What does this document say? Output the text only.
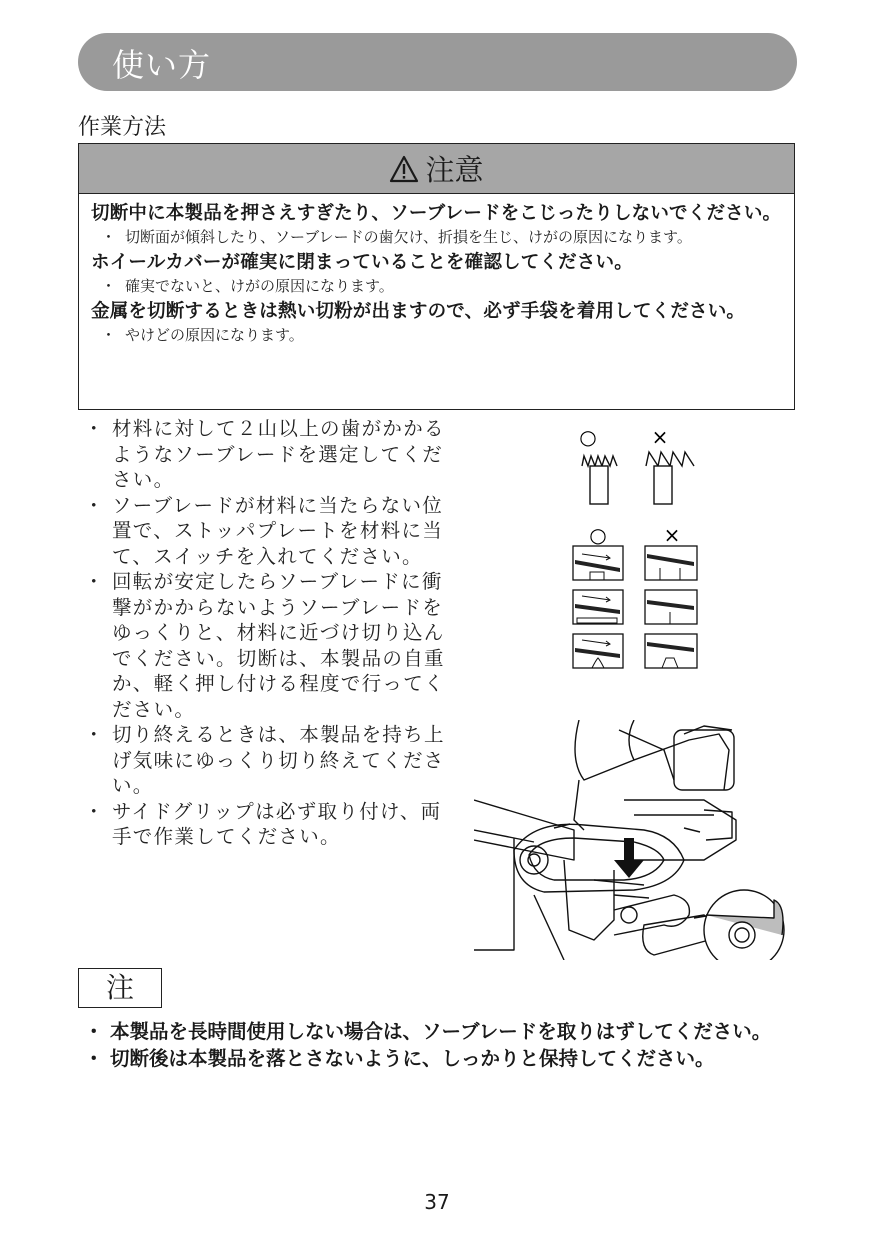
使い方
作業方法
注意
切断中に本製品を押さえすぎたり、ソーブレードをこじったりしないでください。
・ 切断面が傾斜したり、ソーブレードの歯欠け、折損を生じ、けがの原因になります。
ホイールカバーが確実に閉まっていることを確認してください。
・ 確実でないと、けがの原因になります。
金属を切断するときは熱い切粉が出ますので、必ず手袋を着用してください。
・ やけどの原因になります。
・ 材料に対して２山以上の歯がかかるようなソーブレードを選定してください。
・ ソーブレードが材料に当たらない位置で、ストッパプレートを材料に当て、スイッチを入れてください。
・ 回転が安定したらソーブレードに衝撃がかからないようソーブレードをゆっくりと、材料に近づけ切り込んでください。切断は、本製品の自重か、軽く押し付ける程度で行ってください。
・ 切り終えるときは、本製品を持ち上げ気味にゆっくり切り終えてください。
・ サイドグリップは必ず取り付け、両手で作業してください。
○	×
○	×
注
・ 本製品を長時間使用しない場合は、ソーブレードを取りはずしてください。
・ 切断後は本製品を落とさないように、しっかりと保持してください。
37
